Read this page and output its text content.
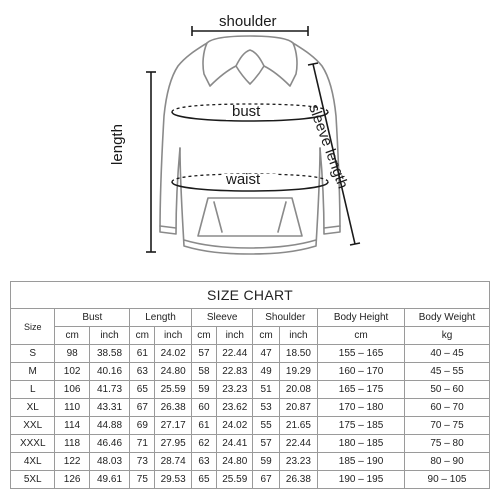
shoulder
bust
waist
length	sleeve length
SIZE CHART										
Size	Bust		Length		Sleeve		Shoulder		Body Height	Body Weight
	cm	inch	cm	inch	cm	inch	cm	inch	cm	kg
S	98	38.58	61	24.02	57	22.44	47	18.50	155 – 165	40 – 45
M	102	40.16	63	24.80	58	22.83	49	19.29	160 – 170	45 – 55
L	106	41.73	65	25.59	59	23.23	51	20.08	165 – 175	50 – 60
XL	110	43.31	67	26.38	60	23.62	53	20.87	170 – 180	60 – 70
XXL	114	44.88	69	27.17	61	24.02	55	21.65	175 – 185	70 – 75
XXXL	118	46.46	71	27.95	62	24.41	57	22.44	180 – 185	75 – 80
4XL	122	48.03	73	28.74	63	24.80	59	23.23	185 – 190	80 – 90
5XL	126	49.61	75	29.53	65	25.59	67	26.38	190 – 195	90 – 105
